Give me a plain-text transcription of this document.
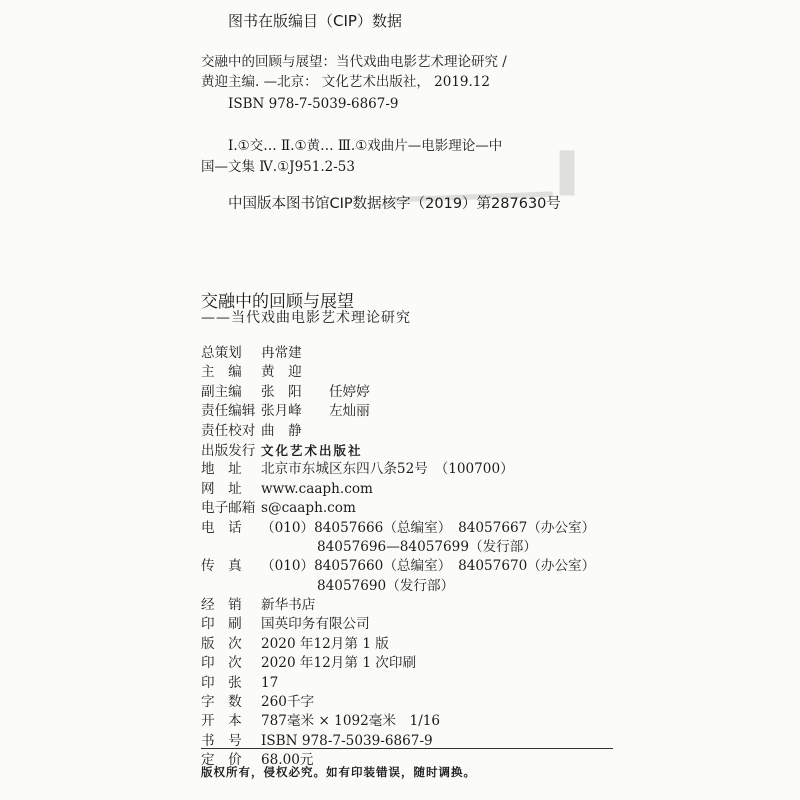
▁▁▁▁▁▁ ▌
图书在版编目（CIP）数据
交融中的回顾与展望：当代戏曲电影艺术理论研究 /
黄迎主编. —北京： 文化艺术出版社， 2019.12
ISBN 978-7-5039-6867-9
Ⅰ.①交… Ⅱ.①黄… Ⅲ.①戏曲片—电影理论—中
国—文集 Ⅳ.①J951.2-53
中国版本图书馆CIP数据核字（2019）第287630号
交融中的回顾与展望
——当代戏曲电影艺术理论研究
总策划	冉常建
主　编	黄　迎
副主编	张　阳　　任婷婷
责任编辑 张月峰　　左灿丽
责任校对 曲　静
出版发行 文化艺术出版社
地　址	北京市东城区东四八条52号　（100700）
网　址	www.caaph.com
电子邮箱 s@caaph.com
电　话	（010）84057666（总编室）　84057667（办公室）
84057696—84057699（发行部）
传　真	（010）84057660（总编室）　84057670（办公室）
84057690（发行部）
经　销	新华书店
印　刷	国英印务有限公司
版　次	2020 年12月第 1 版
印　次	2020 年12月第 1 次印刷
印　张	17
字　数	260千字
开　本	787毫米 × 1092毫米　1/16
书　号	ISBN 978-7-5039-6867-9
定　价	68.00元
版权所有，侵权必究。如有印装错误，随时调换。
